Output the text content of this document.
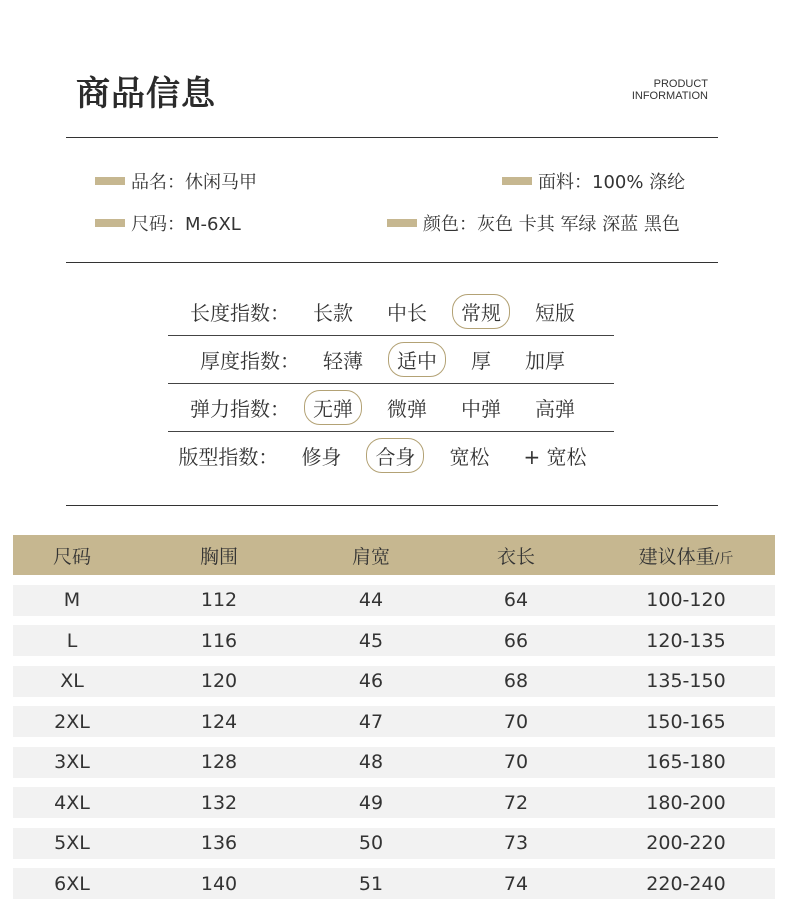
商品信息	PRODUCT
INFORMATION
品名：休闲马甲	面料：100% 涤纶
尺码：M-6XL	颜色：灰色 卡其 军绿 深蓝 黑色
长度指数：	长款	中长	常规	短版
厚度指数：	轻薄	适中	厚	加厚
弹力指数：	无弹	微弹	中弹	高弹
版型指数：	修身	合身	宽松	+ 宽松
尺码	胸围	肩宽	衣长	建议体重/斤
M	112	44	64	100-120
L	116	45	66	120-135
XL	120	46	68	135-150
2XL	124	47	70	150-165
3XL	128	48	70	165-180
4XL	132	49	72	180-200
5XL	136	50	73	200-220
6XL	140	51	74	220-240
